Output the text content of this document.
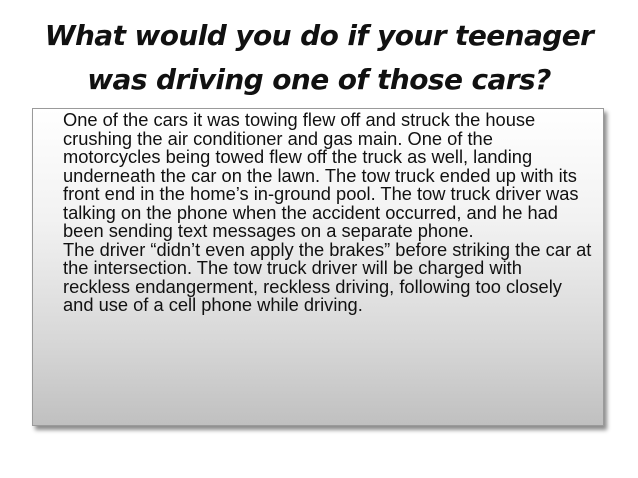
What would you do if your teenager
was driving one of those cars?

One of the cars it was towing flew off and struck the house crushing the air conditioner and gas main. One of the motorcycles being towed flew off the truck as well, landing underneath the car on the lawn. The tow truck ended up with its front end in the home’s in-ground pool. The tow truck driver was talking on the phone when the accident occurred, and he had been sending text messages on a separate phone.

The driver “didn’t even apply the brakes” before striking the car at the intersection. The tow truck driver will be charged with reckless endangerment, reckless driving, following too closely and use of a cell phone while driving.
